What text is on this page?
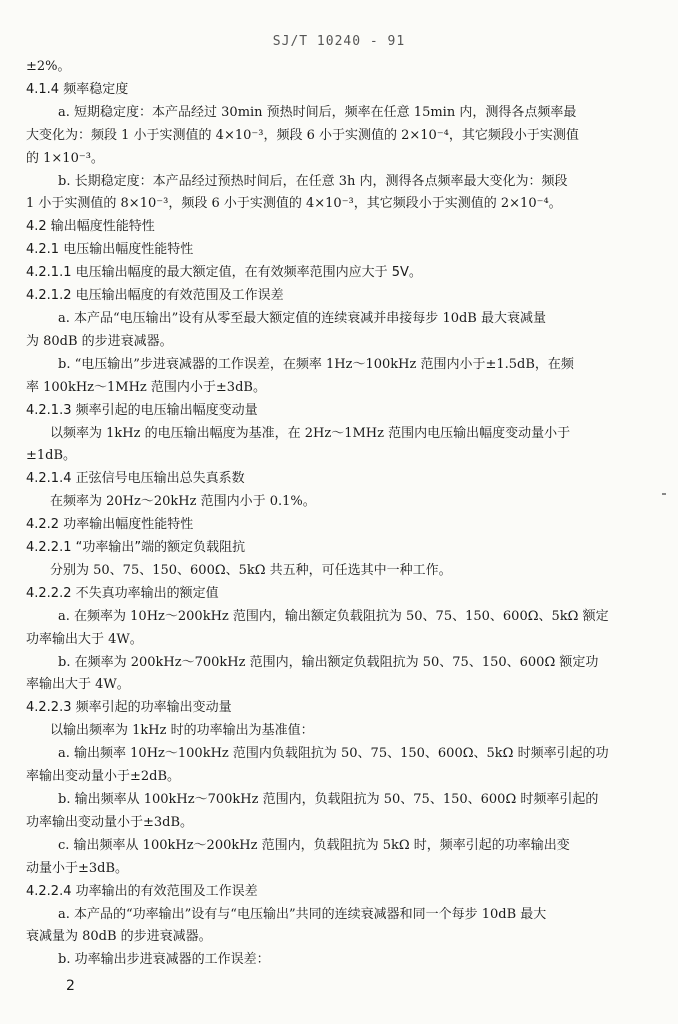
SJ/T 10240 - 91
±2%。
4.1.4 频率稳定度
a. 短期稳定度：本产品经过 30min 预热时间后，频率在任意 15min 内，测得各点频率最
大变化为：频段 1 小于实测值的 4×10⁻³，频段 6 小于实测值的 2×10⁻⁴，其它频段小于实测值
的 1×10⁻³。
b. 长期稳定度：本产品经过预热时间后，在任意 3h 内，测得各点频率最大变化为：频段
1 小于实测值的 8×10⁻³，频段 6 小于实测值的 4×10⁻³，其它频段小于实测值的 2×10⁻⁴。
4.2 输出幅度性能特性
4.2.1 电压输出幅度性能特性
4.2.1.1 电压输出幅度的最大额定值，在有效频率范围内应大于 5V。
4.2.1.2 电压输出幅度的有效范围及工作误差
a. 本产品“电压输出”设有从零至最大额定值的连续衰减并串接每步 10dB 最大衰减量
为 80dB 的步进衰减器。
b. “电压输出”步进衰减器的工作误差，在频率 1Hz～100kHz 范围内小于±1.5dB，在频
率 100kHz～1MHz 范围内小于±3dB。
4.2.1.3 频率引起的电压输出幅度变动量
以频率为 1kHz 的电压输出幅度为基准，在 2Hz～1MHz 范围内电压输出幅度变动量小于
±1dB。
4.2.1.4 正弦信号电压输出总失真系数
在频率为 20Hz～20kHz 范围内小于 0.1%。
4.2.2 功率输出幅度性能特性
4.2.2.1 “功率输出”端的额定负载阻抗
分别为 50、75、150、600Ω、5kΩ 共五种，可任选其中一种工作。
4.2.2.2 不失真功率输出的额定值
a. 在频率为 10Hz～200kHz 范围内，输出额定负载阻抗为 50、75、150、600Ω、5kΩ 额定
功率输出大于 4W。
b. 在频率为 200kHz～700kHz 范围内，输出额定负载阻抗为 50、75、150、600Ω 额定功
率输出大于 4W。
4.2.2.3 频率引起的功率输出变动量
以输出频率为 1kHz 时的功率输出为基准值：
a. 输出频率 10Hz～100kHz 范围内负载阻抗为 50、75、150、600Ω、5kΩ 时频率引起的功
率输出变动量小于±2dB。
b. 输出频率从 100kHz～700kHz 范围内，负载阻抗为 50、75、150、600Ω 时频率引起的
功率输出变动量小于±3dB。
c. 输出频率从 100kHz～200kHz 范围内，负载阻抗为 5kΩ 时，频率引起的功率输出变
动量小于±3dB。
4.2.2.4 功率输出的有效范围及工作误差
a. 本产品的“功率输出”设有与“电压输出”共同的连续衰减器和同一个每步 10dB 最大
衰减量为 80dB 的步进衰减器。
b. 功率输出步进衰减器的工作误差：
2
